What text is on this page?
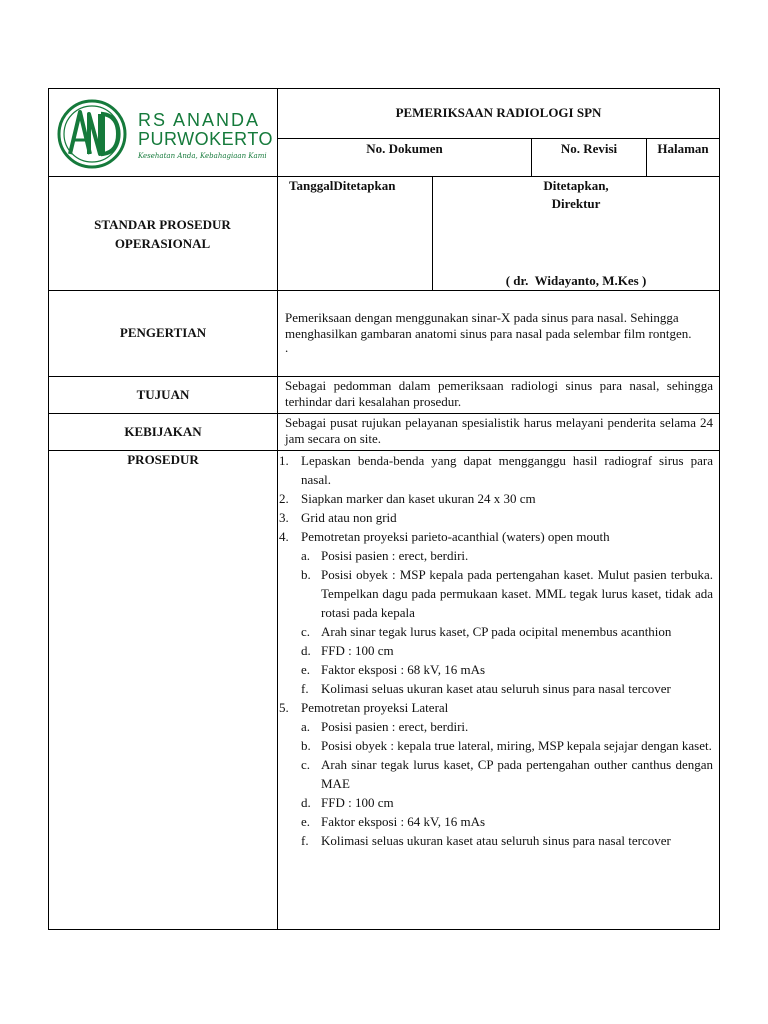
RS ANANDA
PURWOKERTO
Kesehatan Anda, Kebahagiaan Kami
PEMERIKSAAN RADIOLOGI SPN
No. Dokumen	No. Revisi	Halaman
STANDAR PROSEDUR OPERASIONAL
TanggalDitetapkan	Ditetapkan,
Direktur
( dr.  Widayanto, M.Kes )
PENGERTIAN
Pemeriksaan dengan menggunakan sinar-X pada sinus para nasal. Sehingga menghasilkan gambaran anatomi sinus para nasal pada selembar film rontgen.
.
TUJUAN
Sebagai pedomman dalam pemeriksaan radiologi sinus para nasal, sehingga terhindar dari kesalahan prosedur.
KEBIJAKAN
Sebagai pusat rujukan pelayanan spesialistik harus melayani penderita selama 24 jam secara on site.
PROSEDUR	1. Lepaskan benda-benda yang dapat mengganggu hasil radiograf sirus para nasal.
2. Siapkan marker dan kaset ukuran 24 x 30 cm
3. Grid atau non grid
4. Pemotretan proyeksi parieto-acanthial (waters) open mouth
a. Posisi pasien : erect, berdiri.
b. Posisi obyek : MSP kepala pada pertengahan kaset. Mulut pasien terbuka. Tempelkan dagu pada permukaan kaset. MML tegak lurus kaset, tidak ada rotasi pada kepala
c. Arah sinar tegak lurus kaset, CP pada ocipital menembus acanthion
d. FFD : 100 cm
e. Faktor eksposi : 68 kV, 16 mAs
f. Kolimasi seluas ukuran kaset atau seluruh sinus para nasal tercover
5. Pemotretan proyeksi Lateral
a. Posisi pasien : erect, berdiri.
b. Posisi obyek : kepala true lateral, miring, MSP kepala sejajar dengan kaset.
c. Arah sinar tegak lurus kaset, CP pada pertengahan outher canthus dengan MAE
d. FFD : 100 cm
e. Faktor eksposi : 64 kV, 16 mAs
f. Kolimasi seluas ukuran kaset atau seluruh sinus para nasal tercover
